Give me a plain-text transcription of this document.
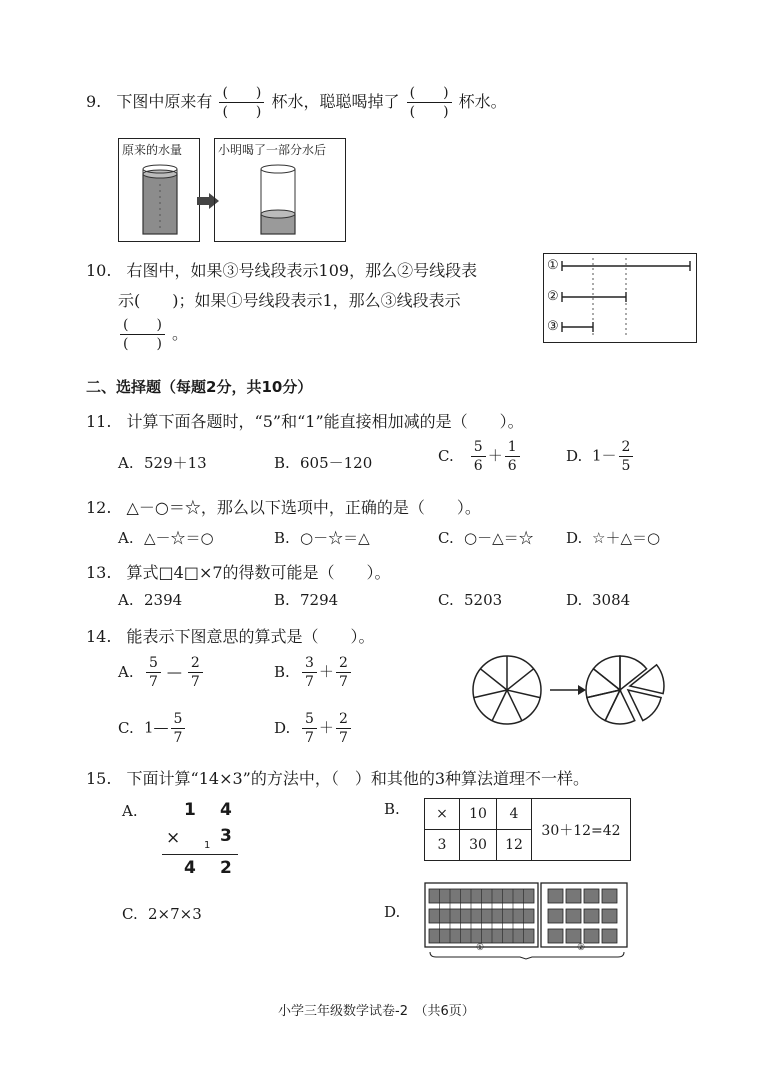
9. 下图中原来有 $\frac{( )}{( )}$ 杯水，聪聪喝掉了 $\frac{( )}{( )}$ 杯水。
原来的水量	小明喝了一部分水后
10. 右图中，如果③号线段表示109，那么②号线段表
示(　　)；如果①号线段表示1，那么③线段表示
$\frac{( )}{( )}$ 。
①
②
③
二、选择题（每题2分，共10分）
11. 计算下面各题时，“5”和“1”能直接相加减的是（　　）。
A. 529＋13	B. 605－120	C. $\frac{5}{6} + \frac{1}{6}$	D. $1- \frac{2}{5}$
12. △－○＝☆，那么以下选项中，正确的是（　　）。
A. △－☆＝○	B. ○－☆＝△	C. ○－△＝☆ D. ☆＋△＝○
13. 算式□4□×7的得数可能是（　　）。
A. 2394	B. 7294	C. 5203	D. 3084
14. 能表示下图意思的算式是（　　）。
A. $\frac{5}{7}$ — $\frac{2}{7}$	B. $\frac{3}{7} + \frac{2}{7}$
C. 1— $\frac{5}{7}$	D. $\frac{5}{7} + \frac{2}{7}$
15. 下面计算“14×3”的方法中，（　）和其他的3种算法道理不一样。
A.	1 4
× 1 3
4 2
B.	×	10	4	30＋12=42
3	30	12	
C. 2×7×3	D.
①	②
小学三年级数学试卷-2　（共6页）
